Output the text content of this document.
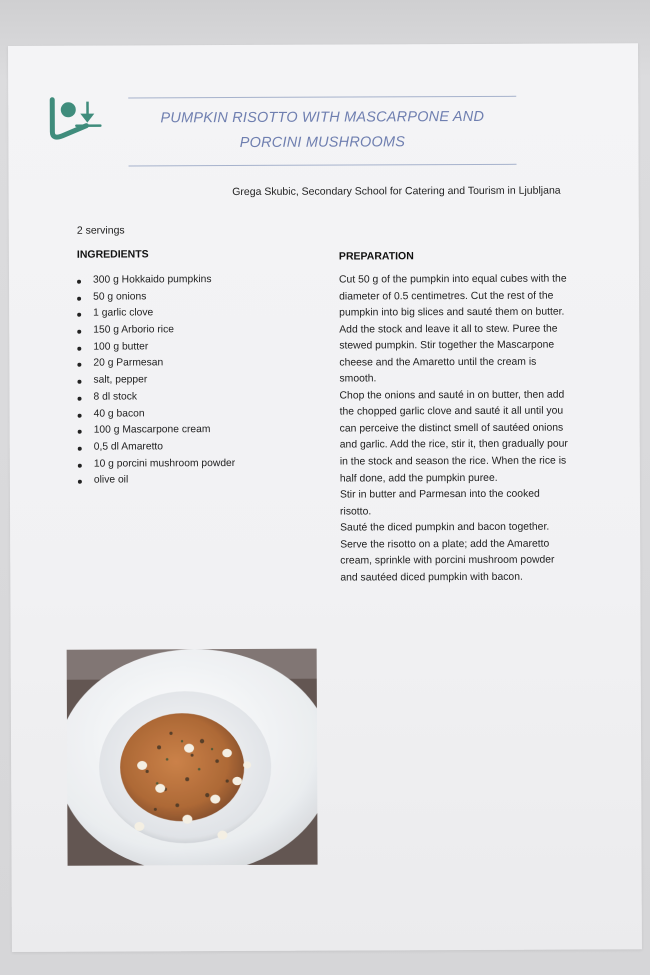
PUMPKIN RISOTTO WITH MASCARPONE AND
PORCINI MUSHROOMS
Grega Skubic, Secondary School for Catering and Tourism in Ljubljana
2 servings
INGREDIENTS
300 g Hokkaido pumpkins
50 g onions
1 garlic clove
150 g Arborio rice
100 g butter
20 g Parmesan
salt, pepper
8 dl stock
40 g bacon
100 g Mascarpone cream
0,5 dl Amaretto
10 g porcini mushroom powder
olive oil
PREPARATION

Cut 50 g of the pumpkin into equal cubes with the diameter of 0.5 centimetres. Cut the rest of the pumpkin into big slices and sauté them on butter. Add the stock and leave it all to stew. Puree the stewed pumpkin. Stir together the Mascarpone cheese and the Amaretto until the cream is smooth.

Chop the onions and sauté in on butter, then add the chopped garlic clove and sauté it all until you can perceive the distinct smell of sautéed onions and garlic. Add the rice, stir it, then gradually pour in the stock and season the rice. When the rice is half done, add the pumpkin puree.

Stir in butter and Parmesan into the cooked risotto.

Sauté the diced pumpkin and bacon together. Serve the risotto on a plate; add the Amaretto cream, sprinkle with porcini mushroom powder and sautéed diced pumpkin with bacon.
